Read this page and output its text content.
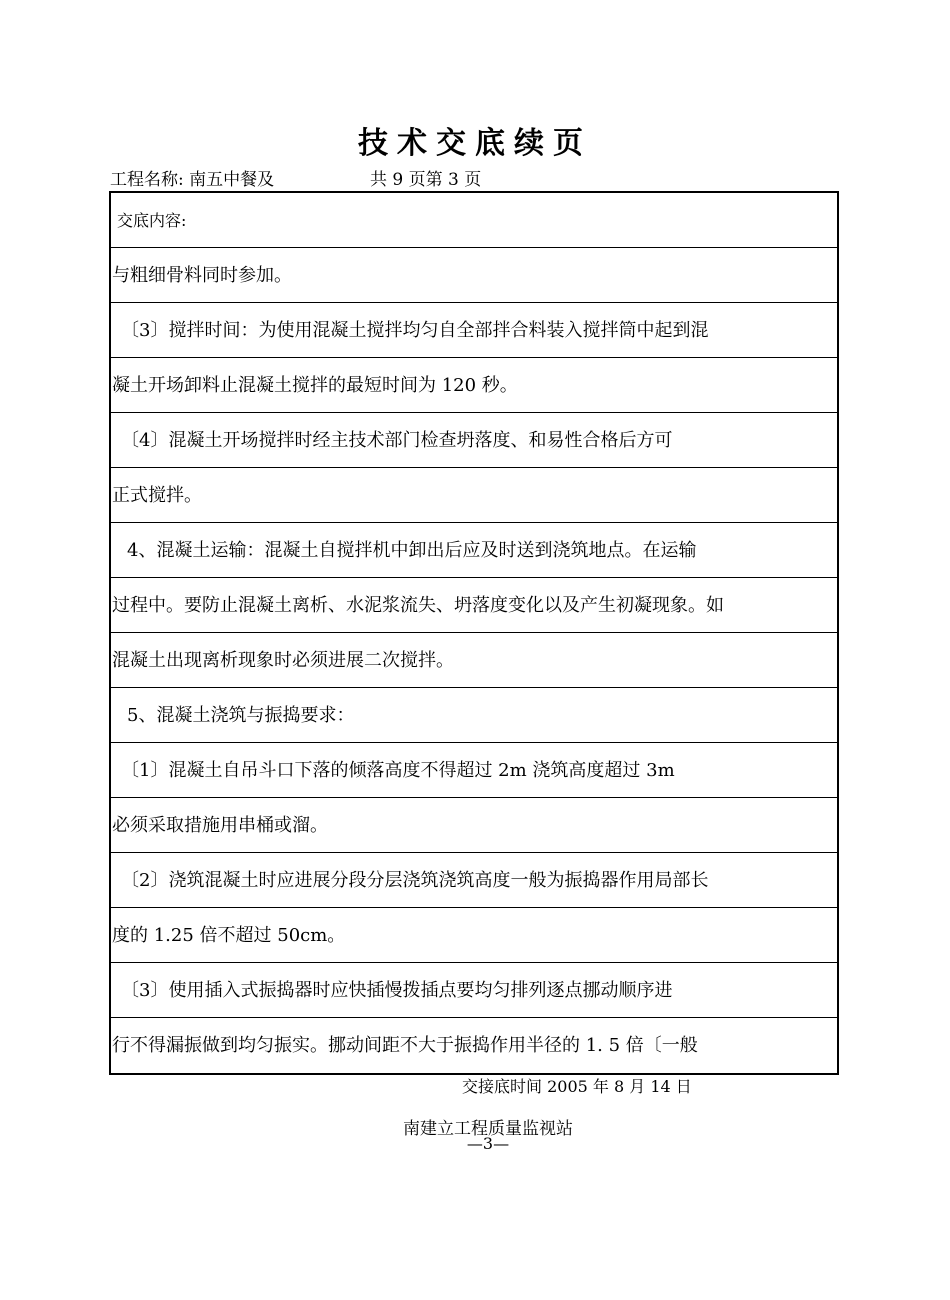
技术交底续页
工程名称: 南五中餐及	共 9 页第 3 页
交底内容:
与粗细骨料同时参加。
〔3〕搅拌时间：为使用混凝土搅拌均匀自全部拌合料装入搅拌筒中起到混
凝土开场卸料止混凝土搅拌的最短时间为 120 秒。
〔4〕混凝土开场搅拌时经主技术部门检查坍落度、和易性合格后方可
正式搅拌。
4、混凝土运输：混凝土自搅拌机中卸出后应及时送到浇筑地点。在运输
过程中。要防止混凝土离析、水泥浆流失、坍落度变化以及产生初凝现象。如
混凝土出现离析现象时必须进展二次搅拌。
5、混凝土浇筑与振捣要求：
〔1〕混凝土自吊斗口下落的倾落高度不得超过 2m 浇筑高度超过 3m
必须采取措施用串桶或溜。
〔2〕浇筑混凝土时应进展分段分层浇筑浇筑高度一般为振捣器作用局部长
度的 1.25 倍不超过 50cm。
〔3〕使用插入式振捣器时应快插慢拨插点要均匀排列逐点挪动顺序进
行不得漏振做到均匀振实。挪动间距不大于振捣作用半径的 1. 5 倍〔一般
交接底时间 2005 年 8 月 14 日
南建立工程质量监视站
—3—
